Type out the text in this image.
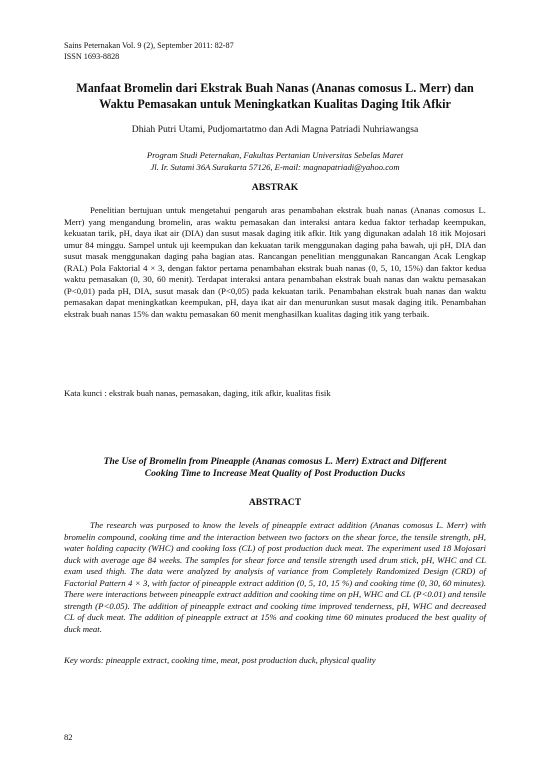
Sains Peternakan Vol. 9 (2), September 2011: 82-87
ISSN 1693-8828
Manfaat Bromelin dari Ekstrak Buah Nanas (Ananas comosus L. Merr) dan
Waktu Pemasakan untuk Meningkatkan Kualitas Daging Itik Afkir
Dhiah Putri Utami, Pudjomartatmo dan Adi Magna Patriadi Nuhriawangsa
Program Studi Peternakan, Fakultas Pertanian Universitas Sebelas Maret
Jl. Ir. Sutami 36A Surakarta 57126, E-mail: magnapatriadi@yahoo.com
ABSTRAK

Penelitian bertujuan untuk mengetahui pengaruh aras penambahan ekstrak buah nanas (Ananas comosus L. Merr) yang mengandung bromelin, aras waktu pemasakan dan interaksi antara kedua faktor terhadap keempukan, kekuatan tarik, pH, daya ikat air (DIA) dan susut masak daging itik afkir. Itik yang digunakan adalah 18 itik Mojosari umur 84 minggu. Sampel untuk uji keempukan dan kekuatan tarik menggunakan daging paha bawah, uji pH, DIA dan susut masak menggunakan daging paha bagian atas. Rancangan penelitian menggunakan Rancangan Acak Lengkap (RAL) Pola Faktorial 4 × 3, dengan faktor pertama penambahan ekstrak buah nanas (0, 5, 10, 15%) dan faktor kedua waktu pemasakan (0, 30, 60 menit). Terdapat interaksi antara penambahan ekstrak buah nanas dan waktu pemasakan (P<0,01) pada pH, DIA, susut masak dan (P<0,05) pada kekuatan tarik. Penambahan ekstrak buah nanas dan waktu pemasakan dapat meningkatkan keempukan, pH, daya ikat air dan menurunkan susut masak daging itik. Penambahan ekstrak buah nanas 15% dan waktu pemasakan 60 menit menghasilkan kualitas daging itik yang terbaik.

Kata kunci : ekstrak buah nanas, pemasakan, daging, itik afkir, kualitas fisik
The Use of Bromelin from Pineapple (Ananas comosus L. Merr) Extract and Different
Cooking Time to Increase Meat Quality of Post Production Ducks
ABSTRACT

The research was purposed to know the levels of pineapple extract addition (Ananas comosus L. Merr) with bromelin compound, cooking time and the interaction between two factors on the shear force, the tensile strength, pH, water holding capacity (WHC) and cooking loss (CL) of post production duck meat. The experiment used 18 Mojosari duck with average age 84 weeks. The samples for shear force and tensile strength used drum stick, pH, WHC and CL exam used thigh. The data were analyzed by analysis of variance from Completely Randomized Design (CRD) of Factorial Pattern 4 × 3, with factor of pineapple extract addition (0, 5, 10, 15 %) and cooking time (0, 30, 60 minutes). There were interactions between pineapple extract addition and cooking time on pH, WHC and CL (P<0.01) and tensile strength (P<0.05). The addition of pineapple extract and cooking time improved tenderness, pH, WHC and decreased CL of duck meat. The addition of pineapple extract at 15% and cooking time 60 minutes produced the best quality of duck meat.

Key words: pineapple extract, cooking time, meat, post production duck, physical quality
82
